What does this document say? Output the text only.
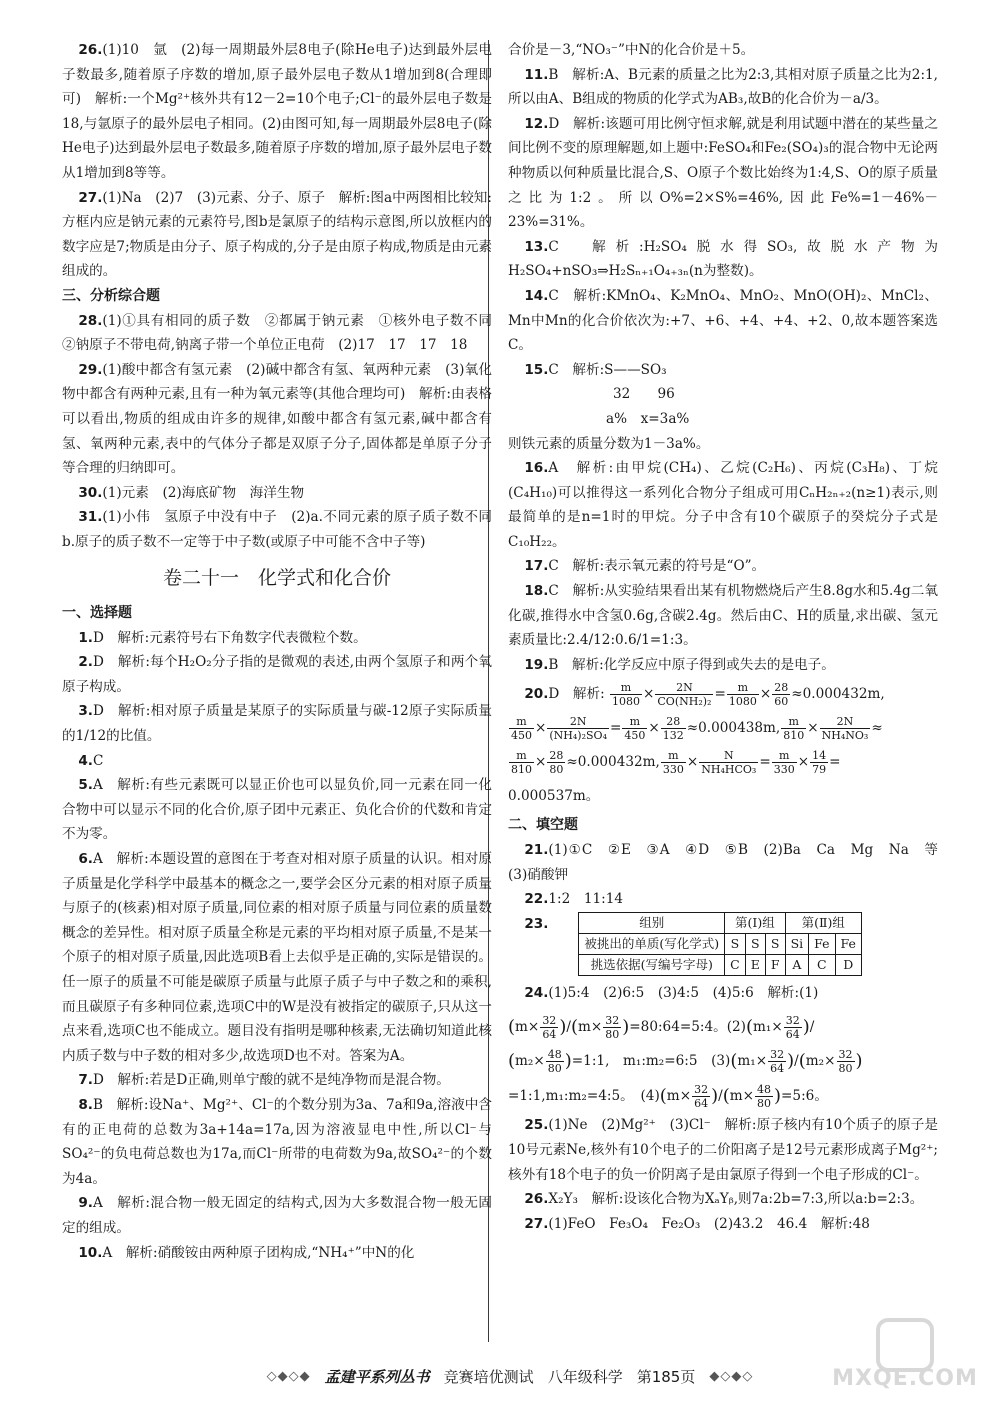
26.(1)10　氩　(2)每一周期最外层8电子(除He电子)达到最外层电子数最多,随着原子序数的增加,原子最外层电子数从1增加到8(合理即可)　解析:一个Mg²⁺核外共有12－2=10个电子;Cl⁻的最外层电子数是18,与氩原子的最外层电子相同。(2)由图可知,每一周期最外层8电子(除He电子)达到最外层电子数最多,随着原子序数的增加,原子最外层电子数从1增加到8等等。

27.(1)Na　(2)7　(3)元素、分子、原子　解析:图a中两图相比较知:方框内应是钠元素的元素符号,图b是氯原子的结构示意图,所以放框内的数字应是7;物质是由分子、原子构成的,分子是由原子构成,物质是由元素组成的。

三、分析综合题

28.(1)①具有相同的质子数　②都属于钠元素　①核外电子数不同　②钠原子不带电荷,钠离子带一个单位正电荷　(2)17　17　17　18

29.(1)酸中都含有氢元素　(2)碱中都含有氢、氧两种元素　(3)氧化物中都含有两种元素,且有一种为氧元素等(其他合理均可)　解析:由表格可以看出,物质的组成由许多的规律,如酸中都含有氢元素,碱中都含有氢、氧两种元素,表中的气体分子都是双原子分子,固体都是单原子分子等合理的归纳即可。

30.(1)元素　(2)海底矿物　海洋生物

31.(1)小伟　氢原子中没有中子　(2)a.不同元素的原子质子数不同　b.原子的质子数不一定等于中子数(或原子中可能不含中子等)

卷二十一　化学式和化合价

一、选择题

1.D　解析:元素符号右下角数字代表微粒个数。

2.D　解析:每个H₂O₂分子指的是微观的表述,由两个氢原子和两个氧原子构成。

3.D　解析:相对原子质量是某原子的实际质量与碳-12原子实际质量的1/12的比值。

4.C

5.A　解析:有些元素既可以显正价也可以显负价,同一元素在同一化合物中可以显示不同的化合价,原子团中元素正、负化合价的代数和肯定不为零。

6.A　解析:本题设置的意图在于考查对相对原子质量的认识。相对原子质量是化学科学中最基本的概念之一,要学会区分元素的相对原子质量与原子的(核素)相对原子质量,同位素的相对原子质量与同位素的质量数概念的差异性。相对原子质量全称是元素的平均相对原子质量,不是某一个原子的相对原子质量,因此选项B看上去似乎是正确的,实际是错误的。任一原子的质量不可能是碳原子质量与此原子质子与中子数之和的乘积,而且碳原子有多种同位素,选项C中的W是没有被指定的碳原子,只从这一点来看,选项C也不能成立。题目没有指明是哪种核素,无法确切知道此核内质子数与中子数的相对多少,故选项D也不对。答案为A。

7.D　解析:若是D正确,则单宁酸的就不是纯净物而是混合物。

8.B　解析:设Na⁺、Mg²⁺、Cl⁻的个数分别为3a、7a和9a,溶液中含有的正电荷的总数为3a+14a=17a,因为溶液显电中性,所以Cl⁻与SO₄²⁻的负电荷总数也为17a,而Cl⁻所带的电荷数为9a,故SO₄²⁻的个数为4a。

9.A　解析:混合物一般无固定的结构式,因为大多数混合物一般无固定的组成。

10.A　解析:硝酸铵由两种原子团构成,“NH₄⁺”中N的化

合价是－3,“NO₃⁻”中N的化合价是＋5。

11.B　解析:A、B元素的质量之比为2:3,其相对原子质量之比为2:1,所以由A、B组成的物质的化学式为AB₃,故B的化合价为－a/3。

12.D　解析:该题可用比例守恒求解,就是利用试题中潜在的某些量之间比例不变的原理解题,如上题中:FeSO₄和Fe₂(SO₄)₃的混合物中无论两种物质以何种质量比混合,S、O原子个数比始终为1:4,S、O的原子质量之比为1:2。所以O%=2×S%=46%,因此Fe%=1－46%－23%=31%。

13.C　解析:H₂SO₄脱水得SO₃,故脱水产物为H₂SO₄+nSO₃⇒H₂Sₙ₊₁O₄₊₃ₙ(n为整数)。

14.C　解析:KMnO₄、K₂MnO₄、MnO₂、MnO(OH)₂、MnCl₂、Mn中Mn的化合价依次为:+7、+6、+4、+4、+2、0,故本题答案选C。

15.C　解析:S——SO₃

32　　96

a%　x=3a%

则铁元素的质量分数为1－3a%。

16.A　解析:由甲烷(CH₄)、乙烷(C₂H₆)、丙烷(C₃H₈)、丁烷(C₄H₁₀)可以推得这一系列化合物分子组成可用CₙH₂ₙ₊₂(n≥1)表示,则最简单的是n=1时的甲烷。分子中含有10个碳原子的癸烷分子式是C₁₀H₂₂。

17.C　解析:表示氧元素的符号是“O”。

18.C　解析:从实验结果看出某有机物燃烧后产生8.8g水和5.4g二氧化碳,推得水中含氢0.6g,含碳2.4g。然后由C、H的质量,求出碳、氢元素质量比:2.4/12:0.6/1=1:3。

19.B　解析:化学反应中原子得到或失去的是电子。

20.D　解析: $\frac{m}{1080} \times \frac{2N}{\text{CO(NH₂)₂}} = \frac{m}{1080} \times \frac{28}{60} \approx 0.000432m$,

$\frac{m}{450} \times \frac{2N}{\text{(NH₄)₂SO₄}} = \frac{m}{450} \times \frac{28}{132} \approx 0.000438m$, $\frac{m}{810} \times \frac{2N}{\text{NH₄NO₃}}$ ≈

$\frac{m}{810} \times \frac{28}{80} \approx 0.000432m$, $\frac{m}{330}$ ×	N
$NH_4HCO_3 = \frac{m}{330} \times \frac{14}{79}$ =
0.000537m。

二、填空题

21.(1)①C　②E　③A　④D　⑤B　(2)Ba　Ca　Mg　Na　等　(3)硝酸钾

22.1:2　11:14

23.	组别	第(Ⅰ)组			第(Ⅱ)组		
被挑出的单质(写化学式)	S	S	S	Si	Fe	Fe
挑选依据(写编号字母)	C	E	F	A	C	D
24.(1)5:4　(2)6:5　(3)4:5　(4)5:6　解析:(1)
$(m\times \frac{32}{64} )/(m\times \frac{32}{80}$ )=80:64=5:4。$(2)(m_1\times \frac{32}{64}$ )/
($m_2\times \frac{48}{80}$ )=1:1,　m₁:m₂=6:5　$(3)(m_1\times \frac{32}{64} )/(m_2\times \frac{32}{80}$ )
=1:1,m₁:m₂=4:5。　$(4)(m\times \frac{32}{64} )/(m\times \frac{48}{80}$ )=5:6。

25.(1)Ne　(2)Mg²⁺　(3)Cl⁻　解析:原子核内有10个质子的原子是10号元素Ne,核外有10个电子的二价阳离子是12号元素形成离子Mg²⁺;核外有18个电子的负一价阴离子是由氯原子得到一个电子形成的Cl⁻。

26.X₂Y₃　解析:设该化合物为XₐYᵦ,则7a:2b=7:3,所以a:b=2:3。

27.(1)FeO　Fe₃O₄　Fe₂O₃　(2)43.2　46.4　解析:48

◇◆◇◆ 孟建平系列丛书 竞赛培优测试 八年级科学 第185页 ◆◇◆◇	MXQE.COM
